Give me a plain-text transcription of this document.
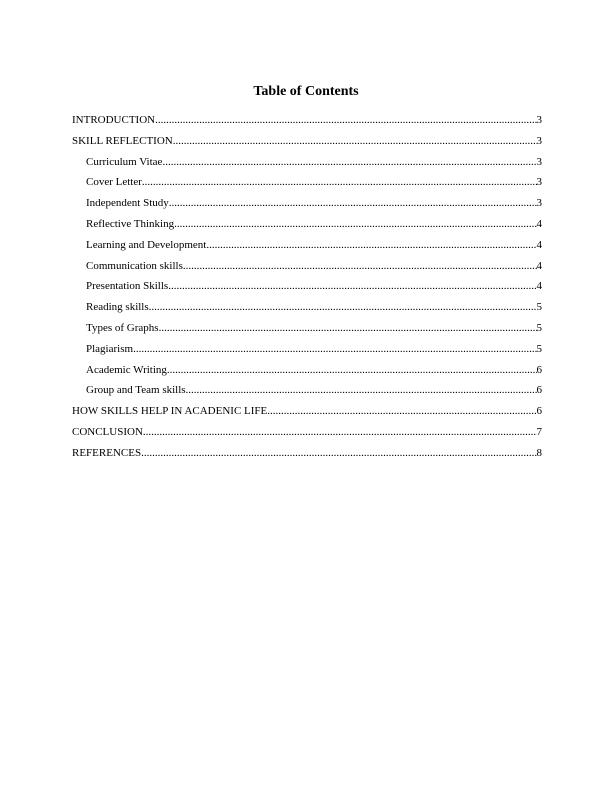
Table of Contents
INTRODUCTION .....	3
SKILL REFLECTION .....	3
Curriculum Vitae .....	3
Cover Letter .....	3
Independent Study .....	3
Reflective Thinking .....	4
Learning and Development .....	4
Communication skills .....	4
Presentation Skills .....	4
Reading skills .....	5
Types of Graphs .....	5
Plagiarism .....	5
Academic Writing .....	6
Group and Team skills .....	6
HOW SKILLS HELP IN ACADENIC LIFE .....	6
CONCLUSION .....	7
REFERENCES .....	8
